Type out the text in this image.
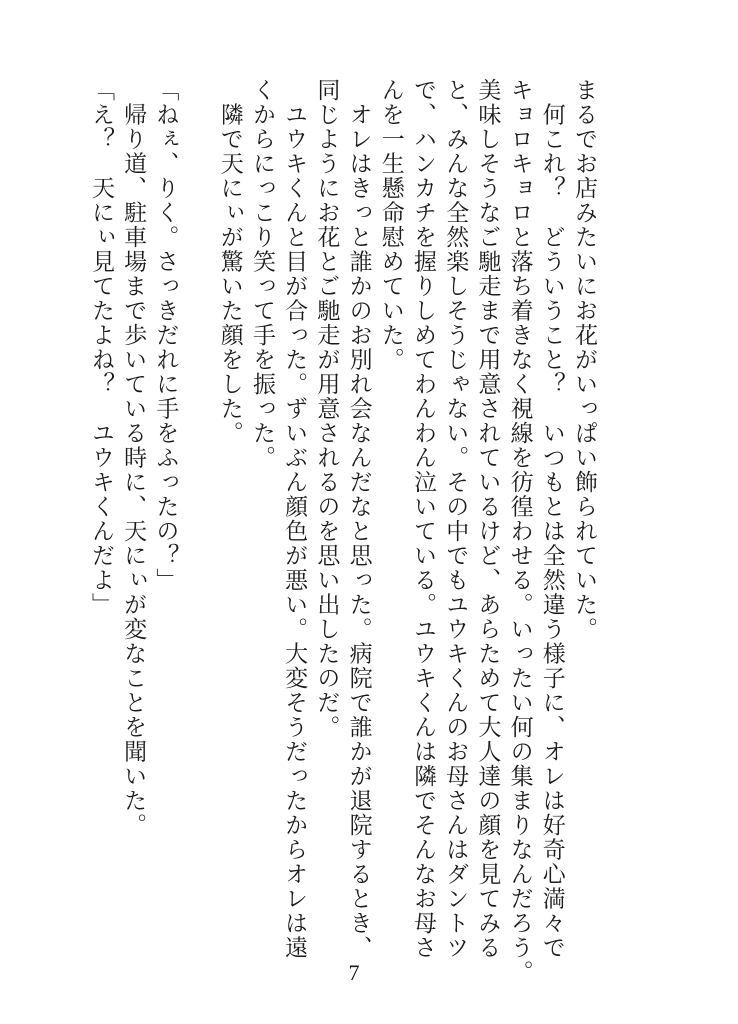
まるでお店みたいにお花がいっぱい飾られていた。
　何これ？　どういうこと？　いつもとは全然違う様子に、オレは好奇心満々で
キョロキョロと落ち着きなく視線を彷徨わせる。いったい何の集まりなんだろう。
美味しそうなご馳走まで用意されているけど、あらためて大人達の顔を見てみる
と、みんな全然楽しそうじゃない。その中でもユウキくんのお母さんはダントツ
で、ハンカチを握りしめてわんわん泣いている。ユウキくんは隣でそんなお母さ
んを一生懸命慰めていた。
　オレはきっと誰かのお別れ会なんだなと思った。病院で誰かが退院するとき、
同じようにお花とご馳走が用意されるのを思い出したのだ。
　ユウキくんと目が合った。ずいぶん顔色が悪い。大変そうだったからオレは遠
くからにっこり笑って手を振った。
　隣で天にぃが驚いた顔をした。

「ねぇ、りく。さっきだれに手をふったの？」
　帰り道、駐車場まで歩いている時に、天にぃが変なことを聞いた。
「え？　天にぃ見てたよね？　ユウキくんだよ」
7
